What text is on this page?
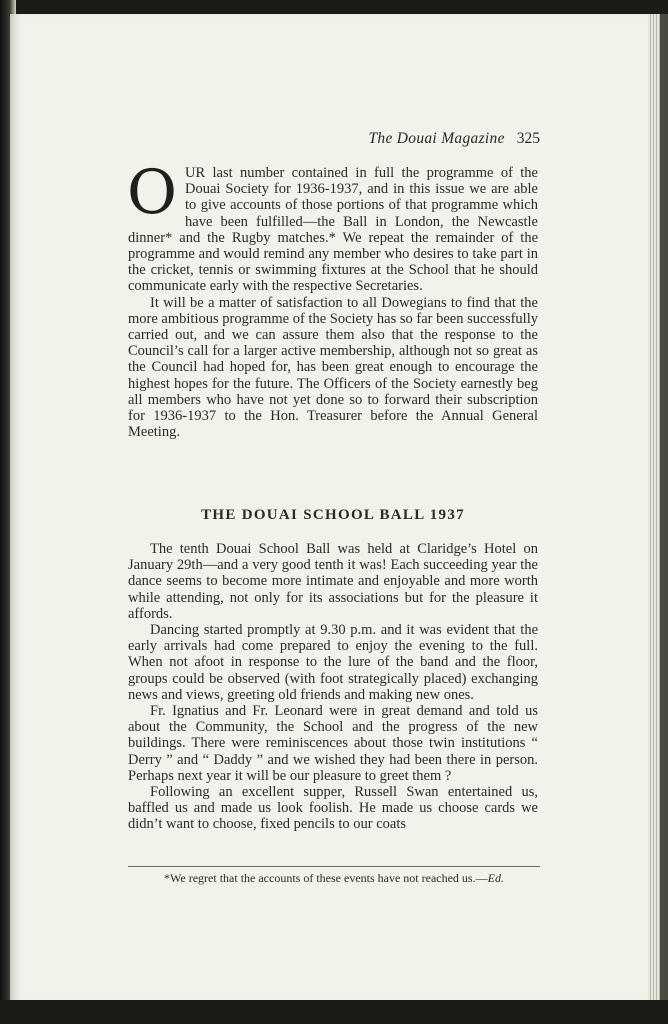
The Douai Magazine 325

OUR last number contained in full the programme of the Douai Society for 1936-1937, and in this issue we are able to give accounts of those portions of that programme which have been fulfilled—the Ball in London, the Newcastle dinner* and the Rugby matches.* We repeat the remainder of the programme and would remind any member who desires to take part in the cricket, tennis or swimming fixtures at the School that he should communicate early with the respective Secretaries.

It will be a matter of satisfaction to all Dowegians to find that the more ambitious programme of the Society has so far been successfully carried out, and we can assure them also that the response to the Council’s call for a larger active membership, although not so great as the Council had hoped for, has been great enough to encourage the highest hopes for the future. The Officers of the Society earnestly beg all members who have not yet done so to forward their subscription for 1936-1937 to the Hon. Treasurer before the Annual General Meeting.

THE DOUAI SCHOOL BALL 1937

The tenth Douai School Ball was held at Claridge’s Hotel on January 29th—and a very good tenth it was! Each succeeding year the dance seems to become more intimate and enjoyable and more worth while attending, not only for its associations but for the pleasure it affords.

Dancing started promptly at 9.30 p.m. and it was evident that the early arrivals had come prepared to enjoy the evening to the full. When not afoot in response to the lure of the band and the floor, groups could be observed (with foot strategically placed) exchanging news and views, greeting old friends and making new ones.

Fr. Ignatius and Fr. Leonard were in great demand and told us about the Community, the School and the progress of the new buildings. There were reminiscences about those twin institutions “ Derry ” and “ Daddy ” and we wished they had been there in person. Perhaps next year it will be our pleasure to greet them ?

Following an excellent supper, Russell Swan entertained us, baffled us and made us look foolish. He made us choose cards we didn’t want to choose, fixed pencils to our coats

*We regret that the accounts of these events have not reached us.—Ed.
